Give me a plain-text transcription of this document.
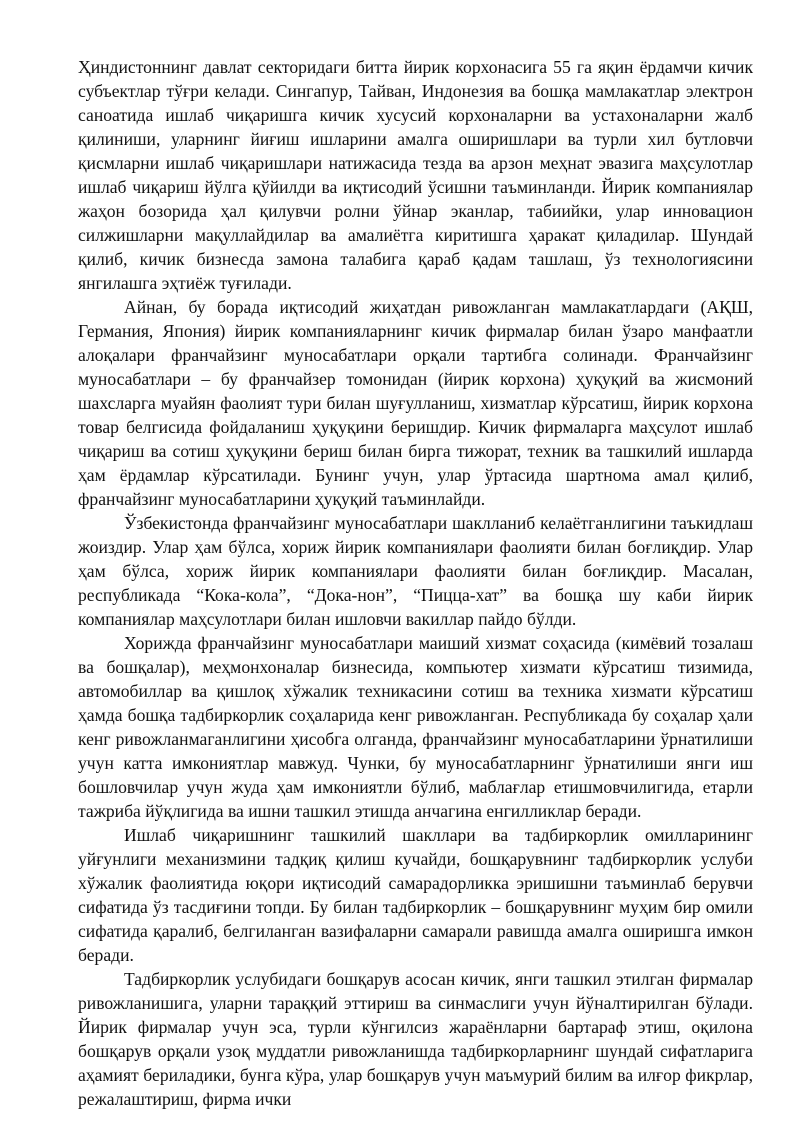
Ҳиндистоннинг давлат секторидаги битта йирик корхонасига 55 га яқин ёрдамчи кичик субъектлар тўғри келади. Сингапур, Тайван, Индонезия ва бошқа мамлакатлар электрон саноатида ишлаб чиқаришга кичик хусусий корхоналарни ва устахоналарни жалб қилиниши, уларнинг йиғиш ишларини амалга оширишлари ва турли хил бутловчи қисмларни ишлаб чиқаришлари натижасида тезда ва арзон меҳнат эвазига маҳсулотлар ишлаб чиқариш йўлга қўйилди ва иқтисодий ўсишни таъминланди. Йирик компаниялар жаҳон бозорида ҳал қилувчи ролни ўйнар эканлар, табиийки, улар инновацион силжишларни мақуллайдилар ва амалиётга киритишга ҳаракат қиладилар. Шундай қилиб, кичик бизнесда замона талабига қараб қадам ташлаш, ўз технологиясини янгилашга эҳтиёж туғилади.

Айнан, бу борада иқтисодий жиҳатдан ривожланган мамлакатлардаги (АҚШ, Германия, Япония) йирик компанияларнинг кичик фирмалар билан ўзаро манфаатли алоқалари франчайзинг муносабатлари орқали тартибга солинади. Франчайзинг муносабатлари – бу франчайзер томонидан (йирик корхона) ҳуқуқий ва жисмоний шахсларга муайян фаолият тури билан шуғулланиш, хизматлар кўрсатиш, йирик корхона товар белгисида фойдаланиш ҳуқуқини беришдир. Кичик фирмаларга маҳсулот ишлаб чиқариш ва сотиш ҳуқуқини бериш билан бирга тижорат, техник ва ташкилий ишларда ҳам ёрдамлар кўрсатилади. Бунинг учун, улар ўртасида шартнома амал қилиб, франчайзинг муносабатларини ҳуқуқий таъминлайди.

Ўзбекистонда франчайзинг муносабатлари шаклланиб келаётганлигини таъкидлаш жоиздир. Улар ҳам бўлса, хориж йирик компаниялари фаолияти билан боғлиқдир. Улар ҳам бўлса, хориж йирик компаниялари фаолияти билан боғлиқдир. Масалан, республикада “Кока-кола”, “Дока-нон”, “Пицца-хат” ва бошқа шу каби йирик компаниялар маҳсулотлари билан ишловчи вакиллар пайдо бўлди.

Хорижда франчайзинг муносабатлари маиший хизмат соҳасида (кимёвий тозалаш ва бошқалар), меҳмонхоналар бизнесида, компьютер хизмати кўрсатиш тизимида, автомобиллар ва қишлоқ хўжалик техникасини сотиш ва техника хизмати кўрсатиш ҳамда бошқа тадбиркорлик соҳаларида кенг ривожланган. Республикада бу соҳалар ҳали кенг ривожланмаганлигини ҳисобга олганда, франчайзинг муносабатларини ўрнатилиши учун катта имкониятлар мавжуд. Чунки, бу муносабатларнинг ўрнатилиши янги иш бошловчилар учун жуда ҳам имкониятли бўлиб, маблағлар етишмовчилигида, етарли тажриба йўқлигида ва ишни ташкил этишда анчагина енгилликлар беради.

Ишлаб чиқаришнинг ташкилий шакллари ва тадбиркорлик омилларининг уйғунлиги механизмини тадқиқ қилиш кучайди, бошқарувнинг тадбиркорлик услуби хўжалик фаолиятида юқори иқтисодий самарадорликка эришишни таъминлаб берувчи сифатида ўз тасдиғини топди. Бу билан тадбиркорлик – бошқарувнинг муҳим бир омили сифатида қаралиб, белгиланган вазифаларни самарали равишда амалга оширишга имкон беради.

Тадбиркорлик услубидаги бошқарув асосан кичик, янги ташкил этилган фирмалар ривожланишига, уларни тараққий эттириш ва синмаслиги учун йўналтирилган бўлади. Йирик фирмалар учун эса, турли кўнгилсиз жараёнларни бартараф этиш, оқилона бошқарув орқали узоқ муддатли ривожланишда тадбиркорларнинг шундай сифатларига аҳамият бериладики, бунга кўра, улар бошқарув учун маъмурий билим ва илғор фикрлар, режалаштириш, фирма ички
